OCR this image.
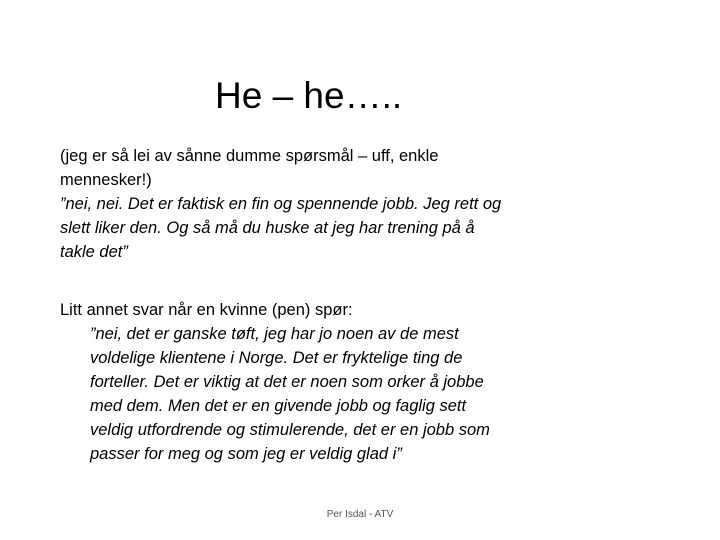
He – he…..

(jeg er så lei av sånne dumme spørsmål – uff, enkle
mennesker!)

”nei, nei. Det er faktisk en fin og spennende jobb. Jeg rett og
slett liker den. Og så må du huske at jeg har trening på å
takle det”

Litt annet svar når en kvinne (pen) spør:

”nei, det er ganske tøft, jeg har jo noen av de mest
voldelige klientene i Norge. Det er fryktelige ting de
forteller. Det er viktig at det er noen som orker å jobbe
med dem. Men det er en givende jobb og faglig sett
veldig utfordrende og stimulerende, det er en jobb som
passer for meg og som jeg er veldig glad i”

Per Isdal - ATV
